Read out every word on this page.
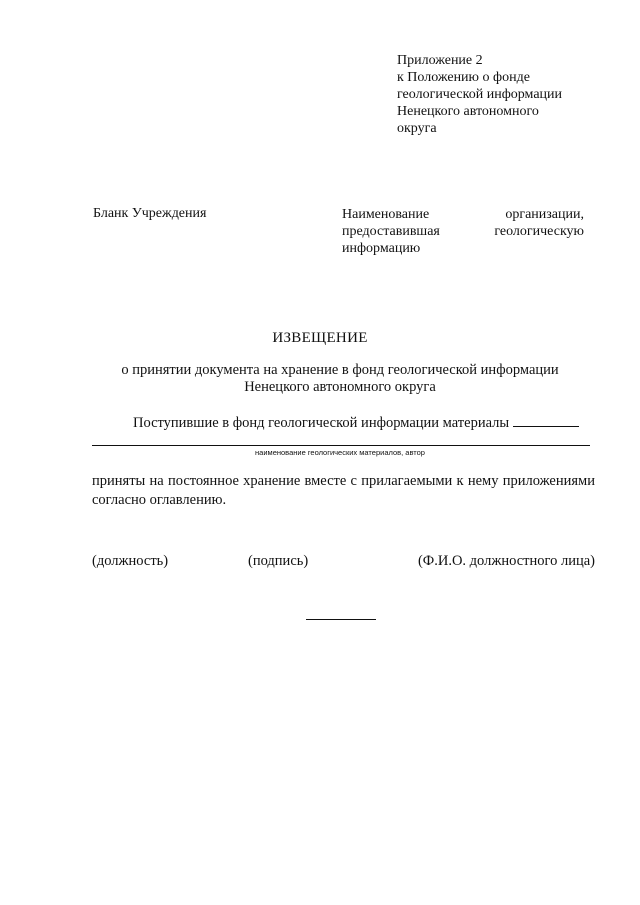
Приложение 2
к Положению о фонде
геологической информации
Ненецкого автономного
округа
Бланк Учреждения	Наименование	организации,
предоставившая	геологическую
информацию
ИЗВЕЩЕНИЕ
о принятии документа на хранение в фонд геологической информации
Ненецкого автономного округа
Поступившие в фонд геологической информации материалы
наименование геологических материалов, автор
приняты на постоянное хранение вместе с прилагаемыми к нему приложениями согласно оглавлению.
(должность)	(подпись)	(Ф.И.О. должностного лица)
